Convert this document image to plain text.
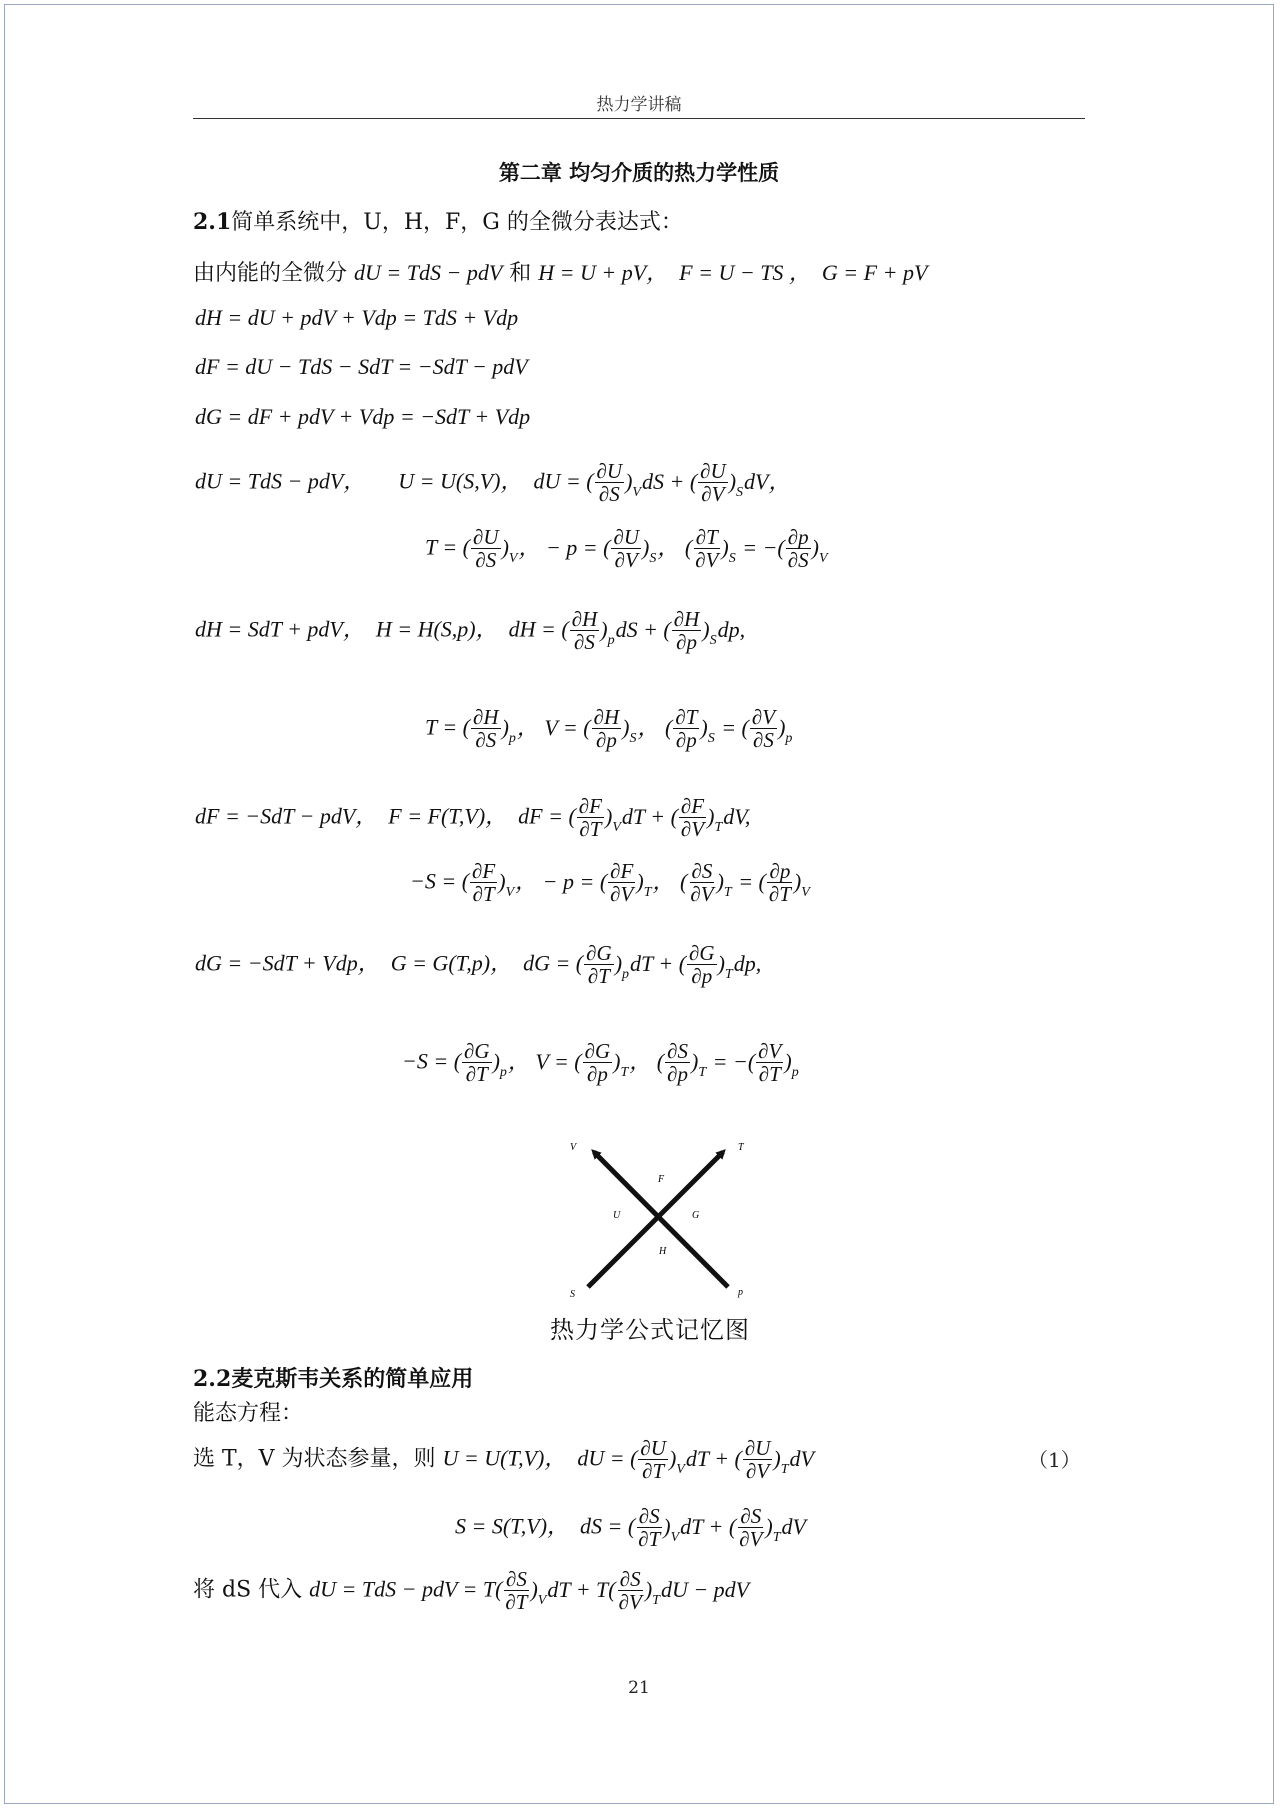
热力学讲稿
第二章 均匀介质的热力学性质
2.1简单系统中，U，H，F，G 的全微分表达式：
由内能的全微分 dU = TdS − pdV 和 H = U + pV，  F = U − TS ，  G = F + pV
dH = dU + pdV + Vdp = TdS + Vdp
dF = dU − TdS − SdT = −SdT − pdV
dG = dF + pdV + Vdp = −SdT + Vdp
dU = TdS − pdV，      U = U(S,V)，  dU = ( $\frac{\partial U}{\partial S} )_VdS$ + ( $\frac{\partial U}{\partial V} )_SdV$，
T = ( $\frac{\partial U}{\partial S} )_V$， − p = ( $\frac{\partial U}{\partial V} )_S$， ( $\frac{\partial T}{\partial V} )_S$ = −( $\frac{\partial p}{\partial S} )_V$
dH = SdT + pdV，  H = H(S,p)，  dH = ( $\frac{\partial H}{\partial S} )_pdS$ + ( $\frac{\partial H}{\partial p} )_Sdp$,
T = ( $\frac{\partial H}{\partial S} )_p$， V = ( $\frac{\partial H}{\partial p} )_S$， ( $\frac{\partial T}{\partial p} )_S$ = ( $\frac{\partial V}{\partial S} )_p$
dF = −SdT − pdV，  F = F(T,V)，  dF = ( $\frac{\partial F}{\partial T} )_VdT$ + ( $\frac{\partial F}{\partial V} )_TdV$,
−S = ( $\frac{\partial F}{\partial T} )_V$， − p = ( $\frac{\partial F}{\partial V} )_T$， ( $\frac{\partial S}{\partial V} )_T$ = ( $\frac{\partial p}{\partial T} )_V$
dG = −SdT + Vdp，  G = G(T,p)，  dG = ( $\frac{\partial G}{\partial T} )_pdT$ + ( $\frac{\partial G}{\partial p} )_Tdp$,
−S = ( $\frac{\partial G}{\partial T} )_p$， V = ( $\frac{\partial G}{\partial p} )_T$， ( $\frac{\partial S}{\partial p} )_T$ = −( $\frac{\partial V}{\partial T} )_p$
V	T
S	p
F
U	G
H
热力学公式记忆图
2.2麦克斯韦关系的简单应用
能态方程：
选 T，V 为状态参量，则 U = U(T,V)，  dU = ( $\frac{\partial U}{\partial T} )_VdT$ + ( $\frac{\partial U}{\partial V} )_TdV$	（1）
S = S(T,V)，  dS = ( $\frac{\partial S}{\partial T} )_VdT$ + ( $\frac{\partial S}{\partial V} )_TdV$
将 dS 代入 dU = TdS − pdV = $T( \frac{\partial S}{\partial T} )_VdT + T( \frac{\partial S}{\partial V} )_TdU$ − pdV
21
